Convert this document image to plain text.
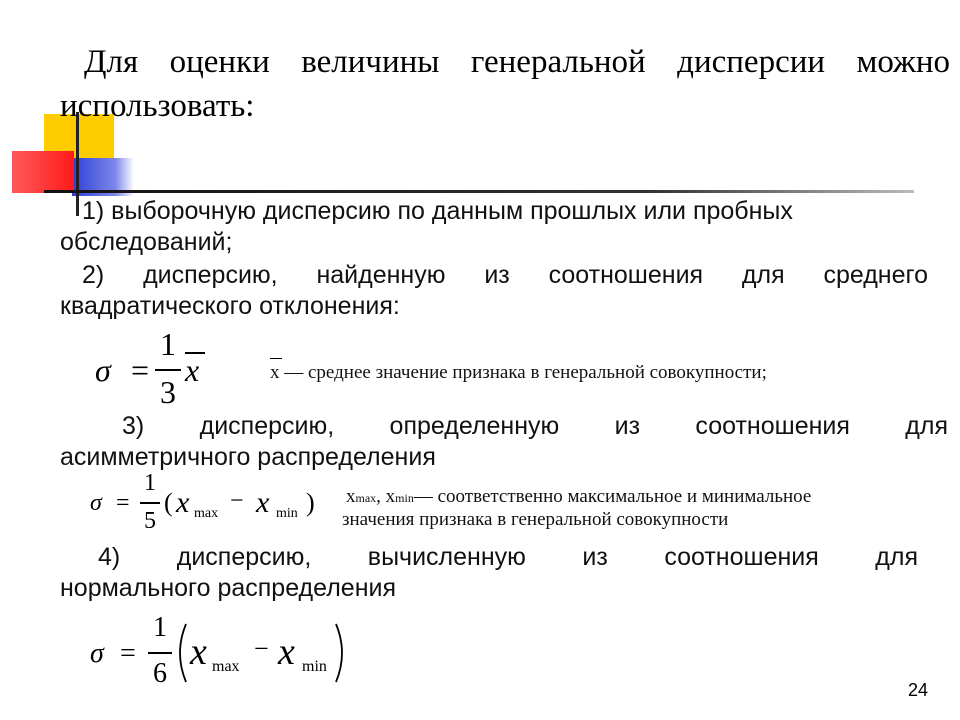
Для оценки величины генеральной дисперсии можно
использовать:
1) выборочную дисперсию по данным прошлых или пробных
обследований;
2) дисперсию, найденную из соотношения для среднего
квадратического отклонения:
σ =
1
3
x	x — среднее значение признака в генеральной совокупности;
3) дисперсию, определенную из соотношения для
асимметричного распределения
σ =
1
5
( x max − x min ) xmax, xmin— соответственно максимальное и минимальное
значения признака в генеральной совокупности
4) дисперсию, вычисленную из соотношения для
нормального распределения
σ =
1
6
x max
− x min
24
